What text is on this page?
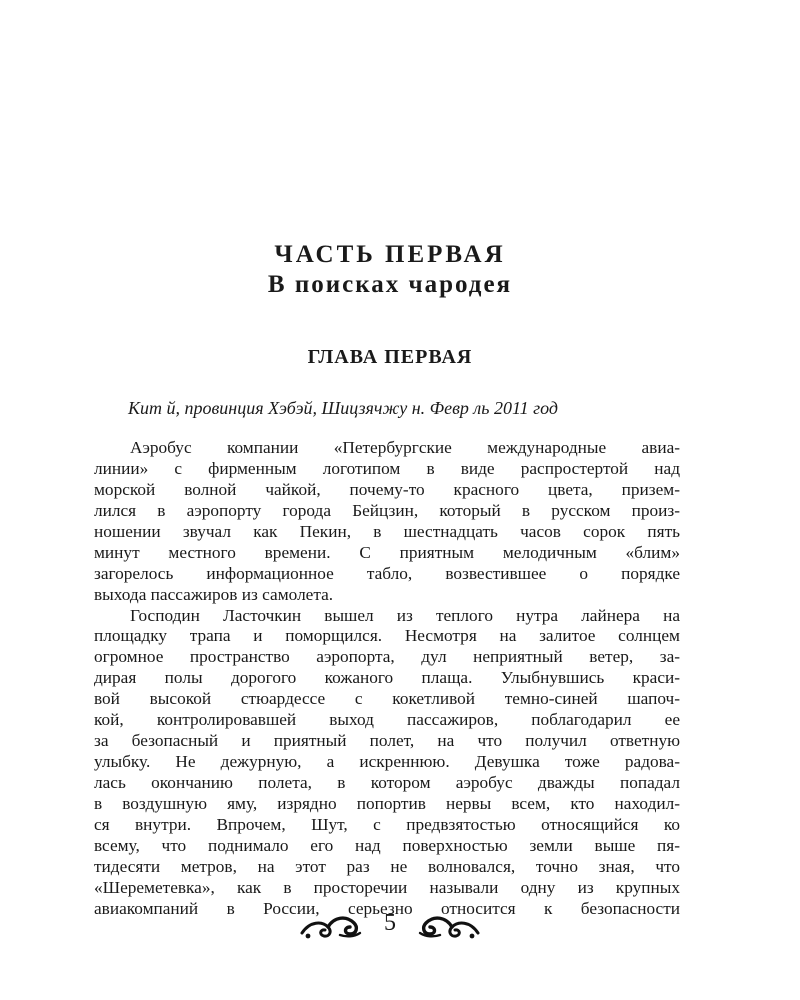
ЧАСТЬ ПЕРВАЯ
В поисках чародея
ГЛАВА ПЕРВАЯ
Кит й, провинция Хэбэй, Шицзячжу н. Февр ль 2011 год
Аэробус компании «Петербургские международные авиа-
линии» с фирменным логотипом в виде распростертой над
морской волной чайкой, почему-то красного цвета, призем-
лился в аэропорту города Бейцзин, который в русском произ-
ношении звучал как Пекин, в шестнадцать часов сорок пять
минут местного времени. С приятным мелодичным «блим»
загорелось информационное табло, возвестившее о порядке
выхода пассажиров из самолета.
Господин Ласточкин вышел из теплого нутра лайнера на
площадку трапа и поморщился. Несмотря на залитое солнцем
огромное пространство аэропорта, дул неприятный ветер, за-
дирая полы дорогого кожаного плаща. Улыбнувшись краси-
вой высокой стюардессе с кокетливой темно-синей шапоч-
кой, контролировавшей выход пассажиров, поблагодарил ее
за безопасный и приятный полет, на что получил ответную
улыбку. Не дежурную, а искреннюю. Девушка тоже радова-
лась окончанию полета, в котором аэробус дважды попадал
в воздушную яму, изрядно попортив нервы всем, кто находил-
ся внутри. Впрочем, Шут, с предвзятостью относящийся ко
всему, что поднимало его над поверхностью земли выше пя-
тидесяти метров, на этот раз не волновался, точно зная, что
«Шереметевка», как в просторечии называли одну из крупных
авиакомпаний в России, серьезно относится к безопасности
5
